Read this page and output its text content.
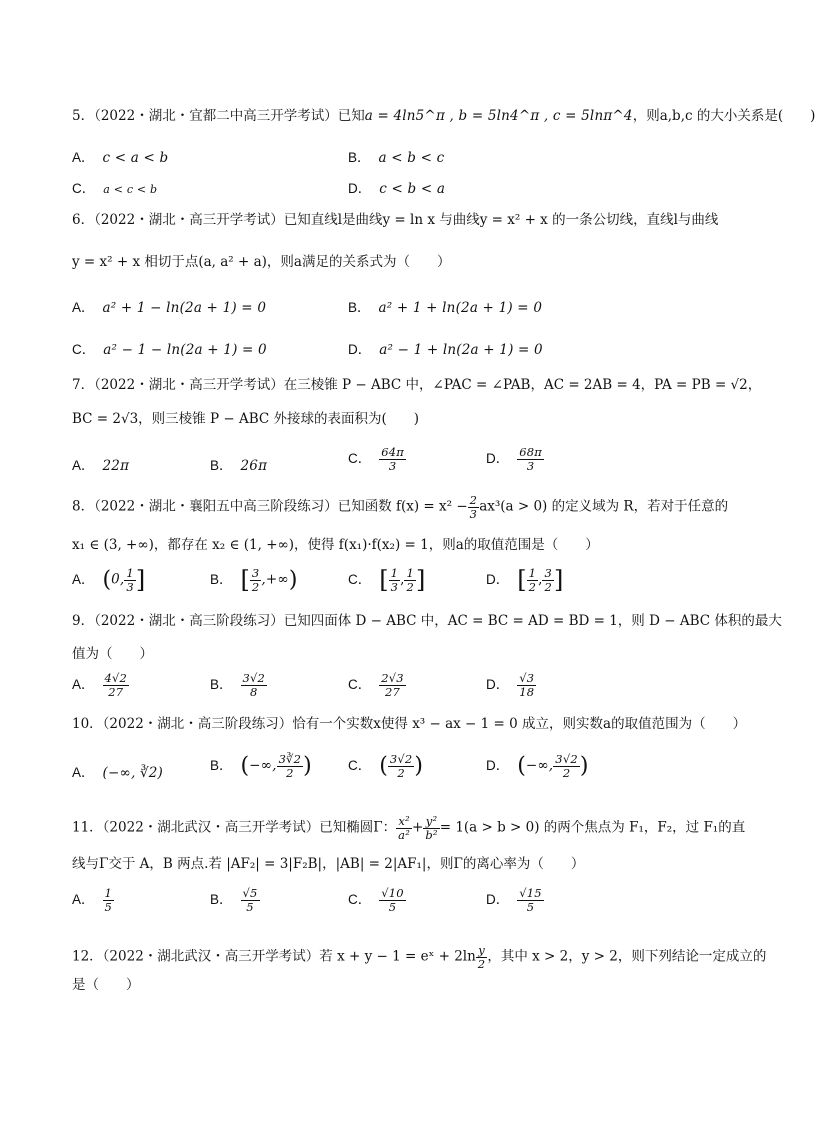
5．（2022・湖北・宜都二中高三开学考试）已知a = 4ln5^π , b = 5ln4^π , c = 5lnπ^4，则a,b,c 的大小关系是(　　)
A． c < a < b	B． a < b < c
C． a < c < b	D． c < b < a
6．（2022・湖北・高三开学考试）已知直线l是曲线y = ln x 与曲线y = x² + x 的一条公切线，直线l与曲线
y = x² + x 相切于点(a, a² + a)，则a满足的关系式为（　　）
A． a² + 1 − ln(2a + 1) = 0	B． a² + 1 + ln(2a + 1) = 0
C． a² − 1 − ln(2a + 1) = 0	D． a² − 1 + ln(2a + 1) = 0
7．（2022・湖北・高三开学考试）在三棱锥 P − ABC 中，∠PAC = ∠PAB，AC = 2AB = 4，PA = PB = √2，
BC = 2√3，则三棱锥 P − ABC 外接球的表面积为(　　)
A． 22π	B． 26π	C． $\frac{64\pi}{3}$	D． $\frac{68\pi}{3}$
8．（2022・湖北・襄阳五中高三阶段练习）已知函数 $f(x) = x^2 - \frac{2}{3} ax^3(a > 0)$ 的定义域为 R，若对于任意的
x₁ ∈ (3, +∞)，都存在 x₂ ∈ (1, +∞)，使得 f(x₁)·f(x₂) = 1，则a的取值范围是（　　）
A． (0, $\frac{1}{3}$ ]	B． [ $\frac{3}{2}$ ,+∞)	C． [ $\frac{1}{3}$ , $\frac{1}{2}$ ]	D． [ $\frac{1}{2}$ , $\frac{3}{2}$ ]
9．（2022・湖北・高三阶段练习）已知四面体 D − ABC 中，AC = BC = AD = BD = 1，则 D − ABC 体积的最大
值为（　　）
A． $\frac{4√2}{27}$	B． $\frac{3√2}{8}$	C． $\frac{2√3}{27}$	D． $\frac{√3}{18}$
10．（2022・湖北・高三阶段练习）恰有一个实数x使得 x³ − ax − 1 = 0 成立，则实数a的取值范围为（　　）
A． (−∞, ∛2)	B． (−∞, $\frac{3∛2}{2}$ )	C． ( $\frac{3√2}{2}$ )	D． (−∞, $\frac{3√2}{2}$ )
11．（2022・湖北武汉・高三开学考试）已知椭圆Γ： $\frac{\text{x²}}{\text{a²}} + \frac{\text{y²}}{\text{b²}} = 1(a > b > 0)$ 的两个焦点为 F₁，F₂，过 F₁的直
线与Γ交于 A，B 两点.若 |AF₂| = 3|F₂B|，|AB| = 2|AF₁|，则Γ的离心率为（　　）
A． $\frac{1}{5}$	B． $\frac{√5}{5}$	C． $\frac{√10}{5}$	D． $\frac{√15}{5}$
12．（2022・湖北武汉・高三开学考试）若 x + y − 1 = eˣ + $2\ln \frac{y}{2}$ ，其中 x > 2，y > 2，则下列结论一定成立的
是（　　）
